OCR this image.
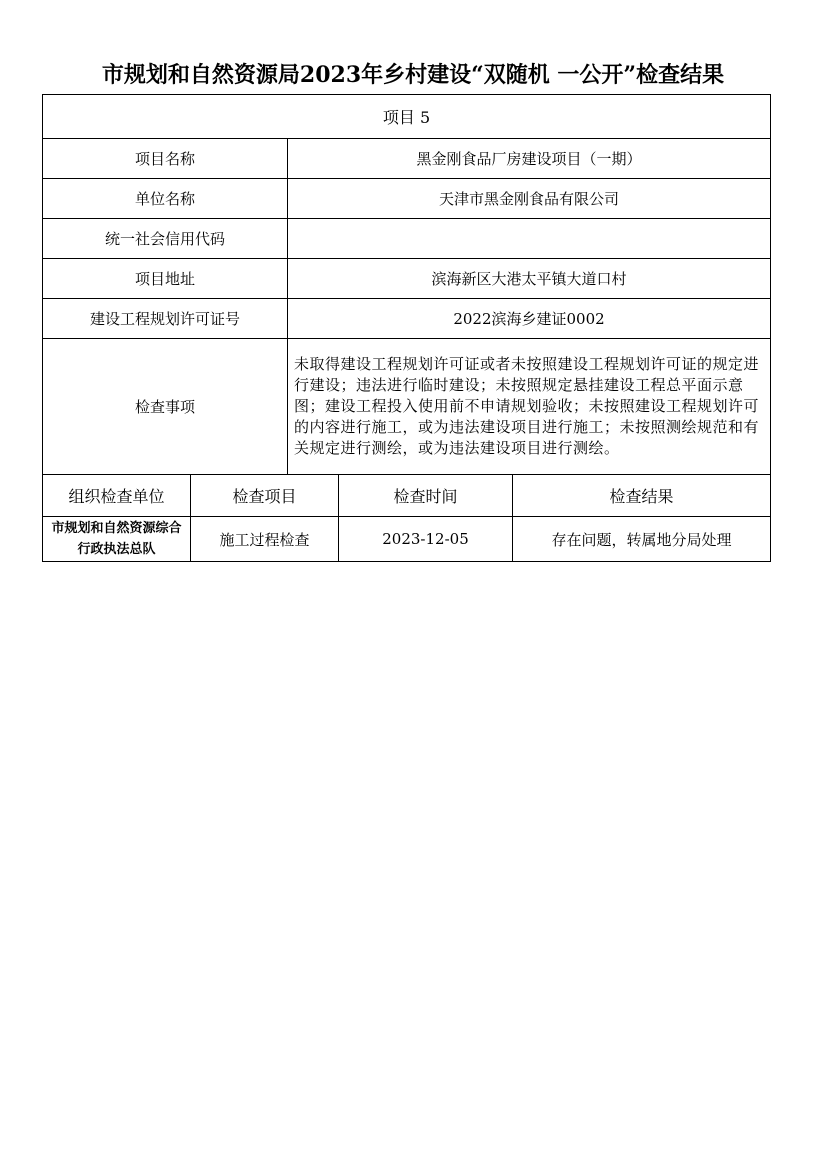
市规划和自然资源局2023年乡村建设“双随机 一公开”检查结果
项目 5				
项目名称		黑金刚食品厂房建设项目（一期）		
单位名称		天津市黑金刚食品有限公司		
统一社会信用代码				
项目地址		滨海新区大港太平镇大道口村		
建设工程规划许可证号		2022滨海乡建证0002		
检查事项		未取得建设工程规划许可证或者未按照建设工程规划许可证的规定进行建设；违法进行临时建设；未按照规定悬挂建设工程总平面示意图；建设工程投入使用前不申请规划验收；未按照建设工程规划许可的内容进行施工，或为违法建设项目进行施工；未按照测绘规范和有关规定进行测绘，或为违法建设项目进行测绘。		
组织检查单位	检查项目		检查时间	检查结果
市规划和自然资源综合行政执法总队	施工过程检查		2023-12-05	存在问题，转属地分局处理
